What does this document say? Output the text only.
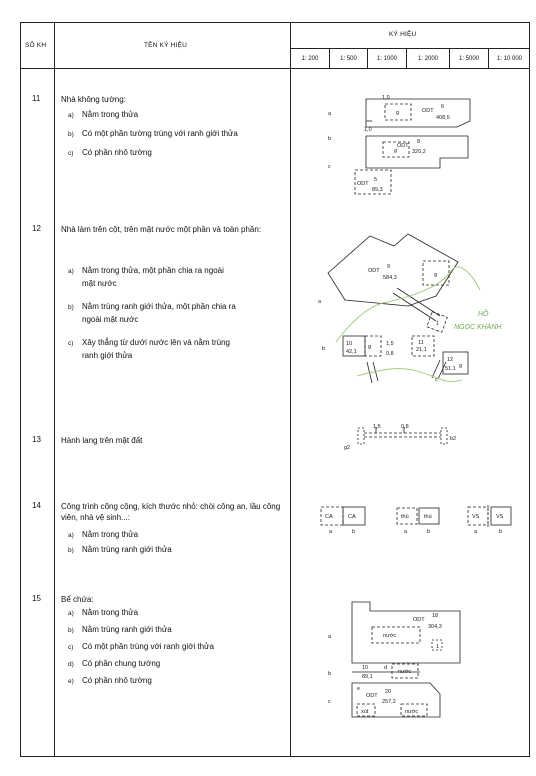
SỐ KH	TÊN KÝ HIỆU
KÝ HIỆU
1: 200	1: 500	1: 1000	1: 2000	1: 5000	1: 10 000
11	Nhà không tường:
a) Nằm trong thửa
b) Có một phần tường trùng với ranh giới thửa
c) Có phần nhô tường
12	Nhà làm trên cột, trên mặt nước một phần và toàn phần:
a) Nằm trong thửa, một phần chia ra ngoài
mặt nước
b) Nằm trùng ranh giới thửa, một phần chia ra
ngoài mặt nước
c) Xây thẳng từ dưới nước lên và nằm trùng
ranh giới thửa
13	Hành lang trên mặt đất
14	Công trình công cộng, kích thước nhỏ: chòi công an, lầu công viên, nhà vệ sinh...:
a) Nằm trong thửa
b) Nằm trùng ranh giới thửa
15	Bể chứa:
a) Nằm trong thửa
b) Nằm trùng ranh giới thửa
c) Có một phần trùng với ranh giới thửa
d) Có phần chung tường
e) Có phần nhô tường
a
b
c
g
g
1,0
1,0
ODT
6
408,5
ODT
8
320,2
ODT
5
89,3
a
b
c
ODT
9
584,3	g
10
42,1
g	1,5
0,8
11
21,1
1
12
51,1 g
HỒ
NGỌC KHÁNH
1,5	0,8
g2
b2
CA	CA	thú	thú	VS	VS
a	b	a	b	a	b
a
b
c
ODT
18
304,3
nước
1
10
89,1
d
nước
e
ODT
20
257,2
xút	nước
